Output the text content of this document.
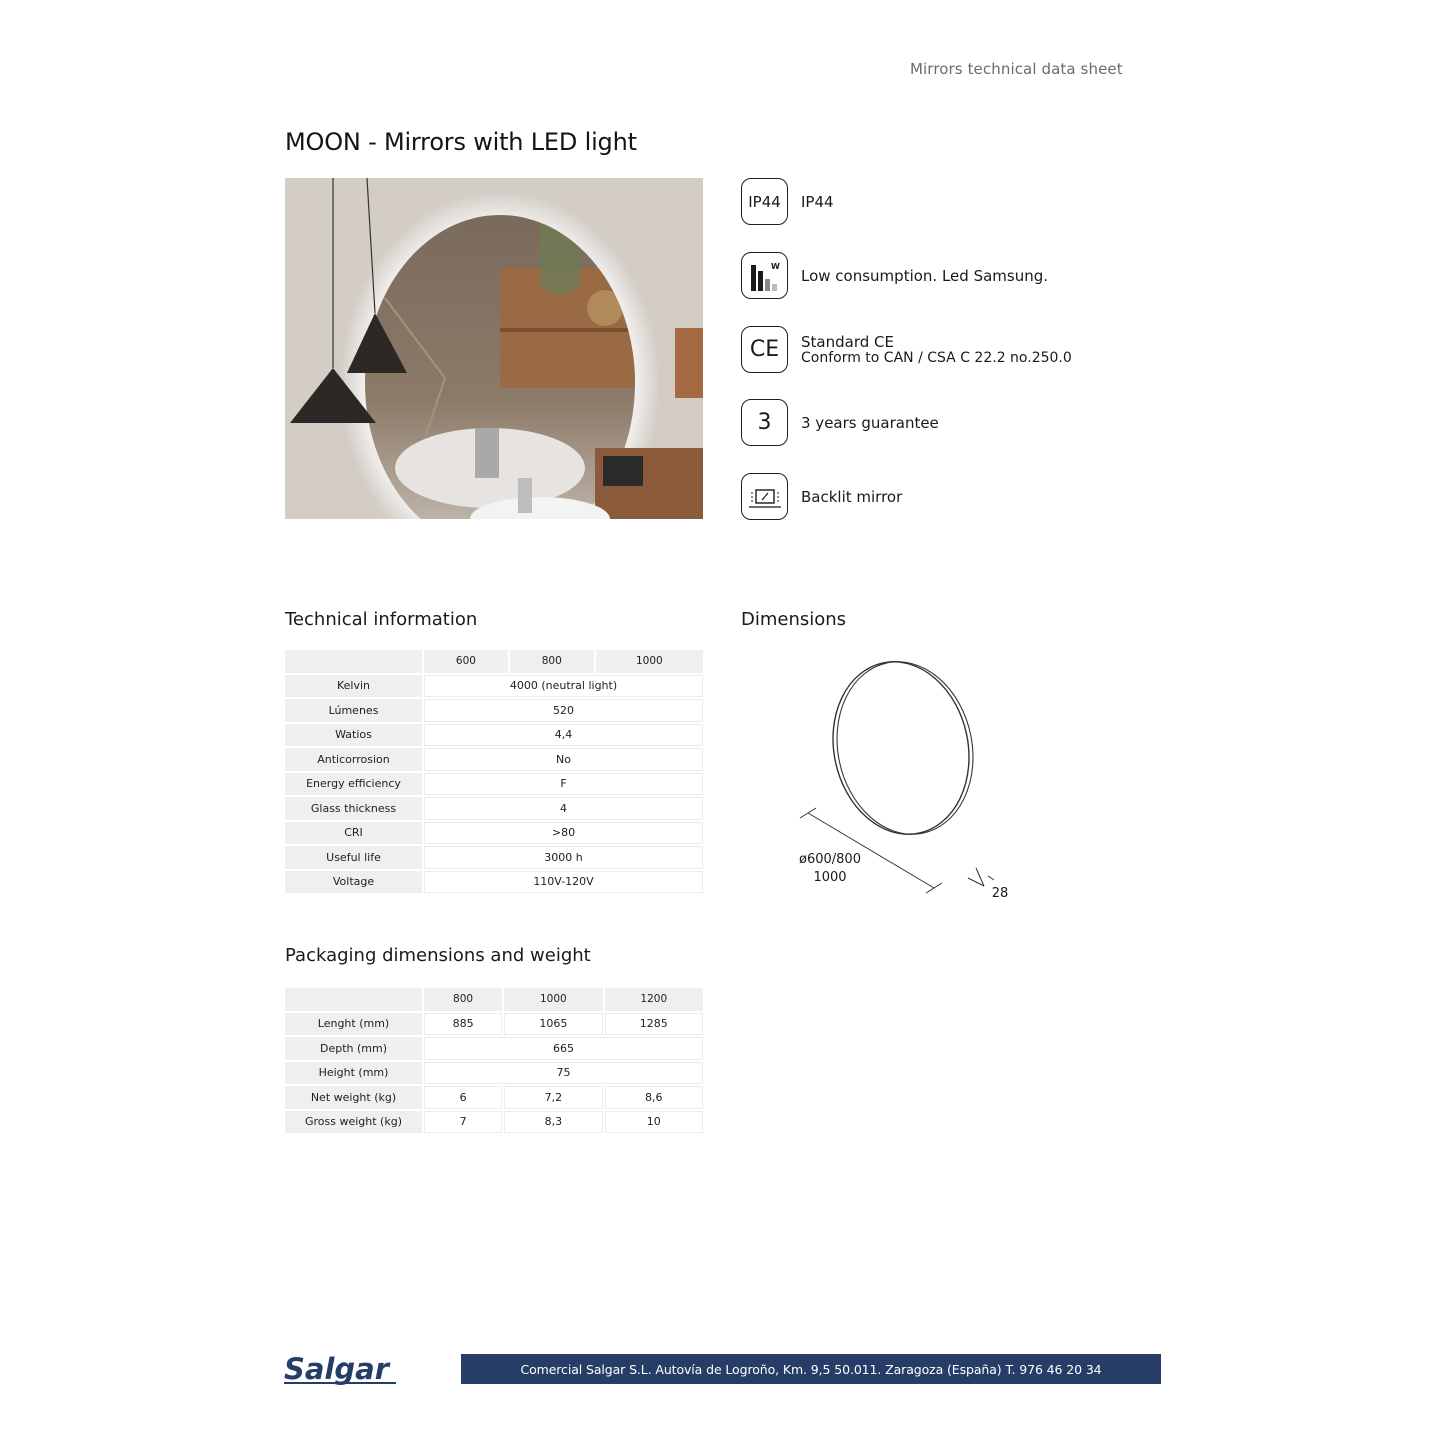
Mirrors technical data sheet
MOON - Mirrors with LED light
IP44 IP44
W
Low consumption. Led Samsung.
CE Standard CE
Conform to CAN / CSA C 22.2 no.250.0
3 3 years guarantee
Backlit mirror
Technical information
	600	800	1000
Kelvin	4000 (neutral light)		
Lúmenes	520		
Watios	4,4		
Anticorrosion	No		
Energy efficiency	F		
Glass thickness	4		
CRI	>80		
Useful life	3000 h		
Voltage	110V-120V		
Dimensions
ø600/800
1000
28
Packaging dimensions and weight
	800	1000	1200
Lenght (mm)	885	1065	1285
Depth (mm)	665		
Height (mm)	75		
Net weight (kg)	6	7,2	8,6
Gross weight (kg)	7	8,3	10
Salgar	Comercial Salgar S.L. Autovía de Logroño, Km. 9,5 50.011. Zaragoza (España) T. 976 46 20 34
